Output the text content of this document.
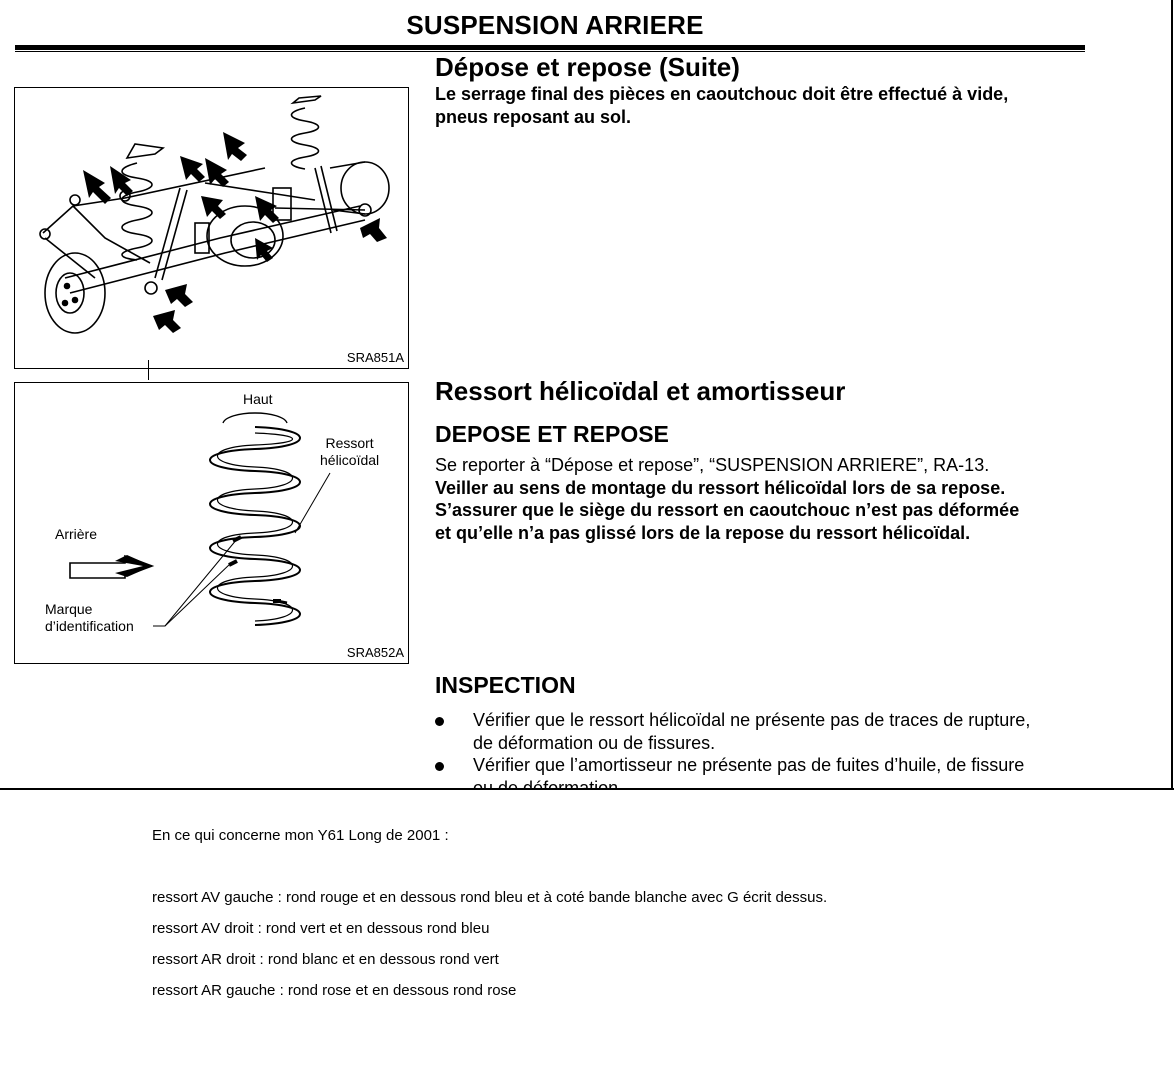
SUSPENSION ARRIERE
Dépose et repose (Suite)
Le serrage final des pièces en caoutchouc doit être effectué à vide,
pneus reposant au sol.
SRA851A
Ressort hélicoïdal et amortisseur
DEPOSE ET REPOSE
Se reporter à “Dépose et repose”, “SUSPENSION ARRIERE”, RA-13.
Veiller au sens de montage du ressort hélicoïdal lors de sa repose.
S’assurer que le siège du ressort en caoutchouc n’est pas déformée
et qu’elle n’a pas glissé lors de la repose du ressort hélicoïdal.
Haut
Ressort
hélicoïdal
Arrière
Marque
d’identification
SRA852A
INSPECTION
Vérifier que le ressort hélicoïdal ne présente pas de traces de rupture,
de déformation ou de fissures.
Vérifier que l’amortisseur ne présente pas de fuites d’huile, de fissure
En ce qui concerne mon Y61 Long de 2001 :
ressort AV gauche : rond rouge et en dessous rond bleu et à coté bande blanche avec G écrit dessus.
ressort AV droit : rond vert et en dessous rond bleu
ressort AR droit : rond blanc et en dessous rond vert
ressort AR gauche : rond rose et en dessous rond rose
